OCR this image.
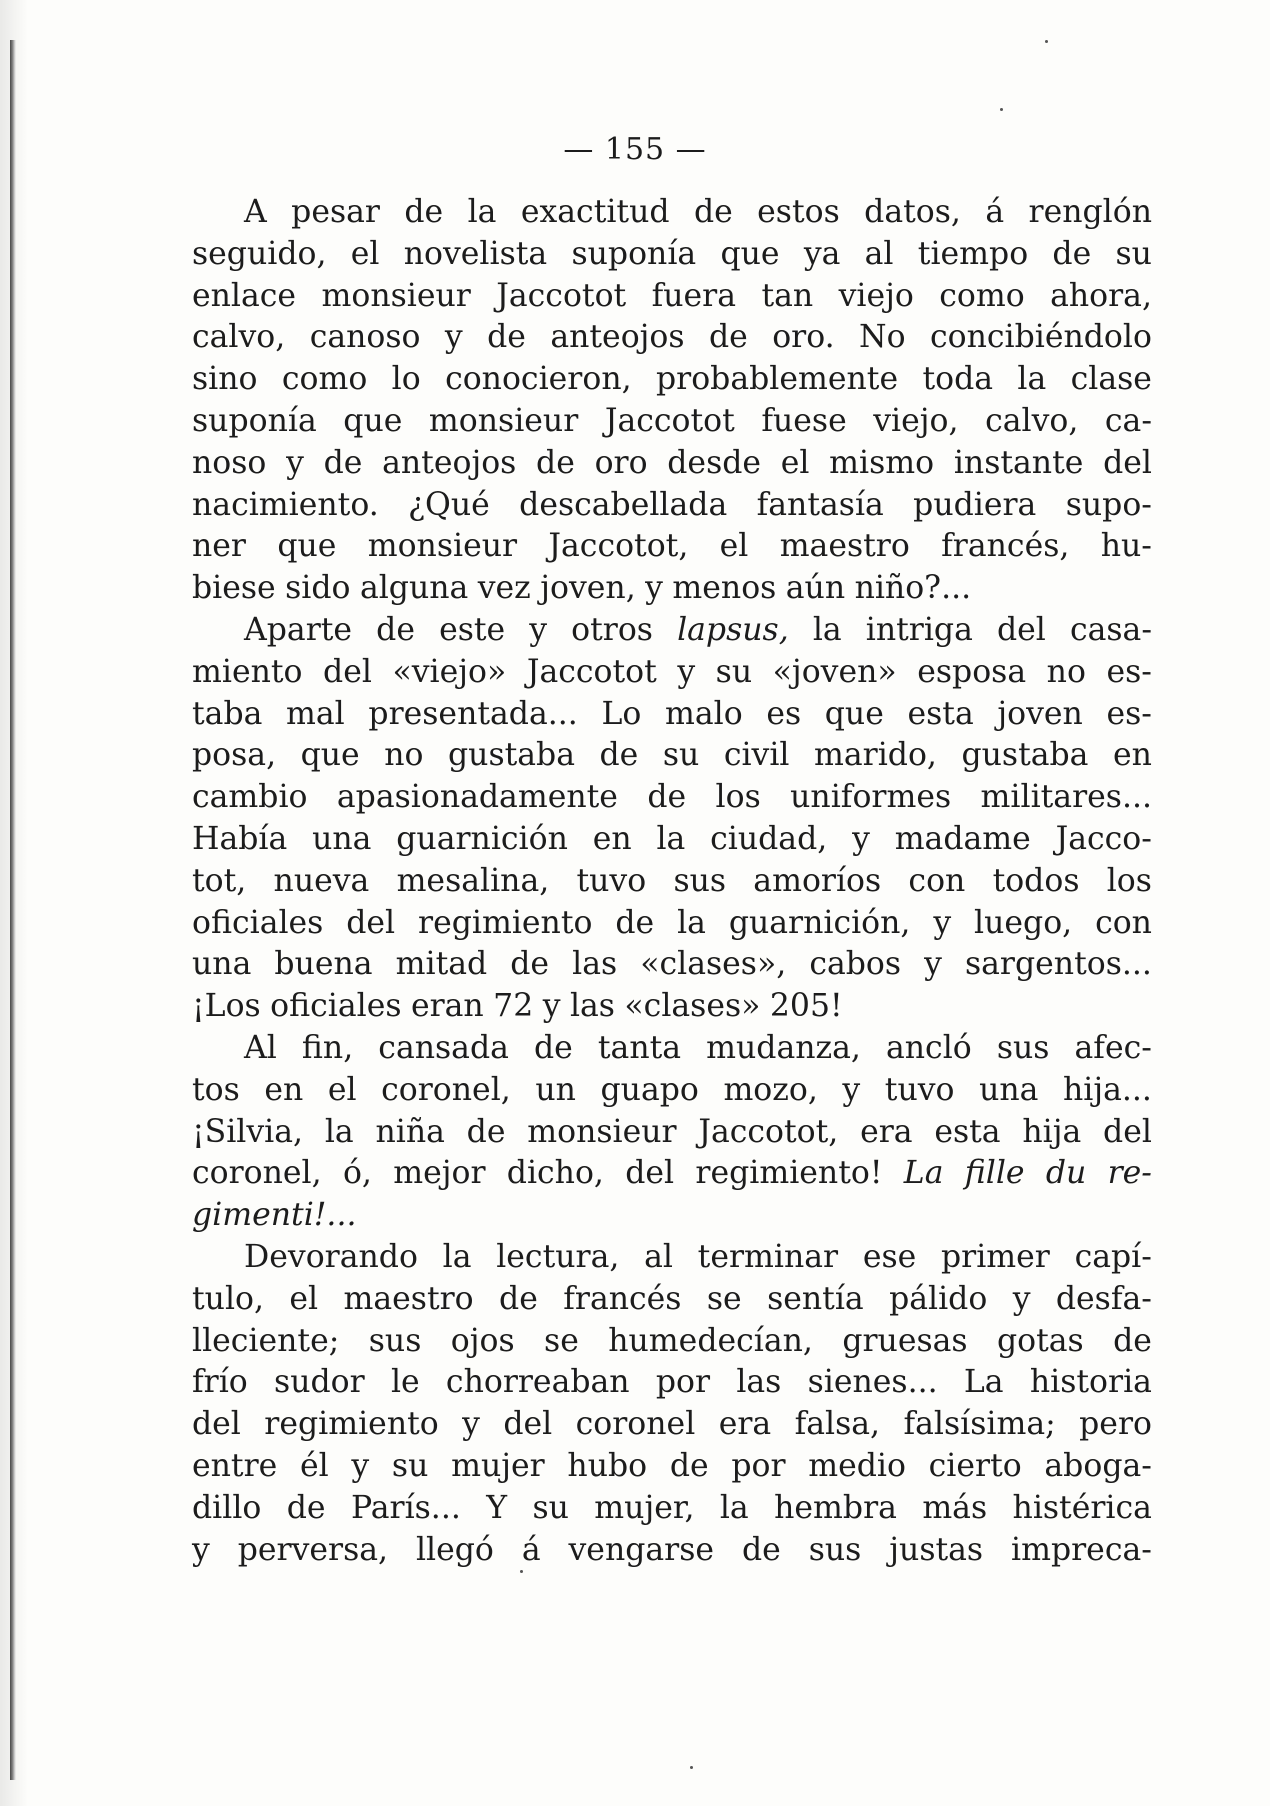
— 155 —
A pesar de la exactitud de estos datos, á renglón
seguido, el novelista suponía que ya al tiempo de su
enlace monsieur Jaccotot fuera tan viejo como ahora,
calvo, canoso y de anteojos de oro. No concibiéndolo
sino como lo conocieron, probablemente toda la clase
suponía que monsieur Jaccotot fuese viejo, calvo, ca-
noso y de anteojos de oro desde el mismo instante del
nacimiento. ¿Qué descabellada fantasía pudiera supo-
ner que monsieur Jaccotot, el maestro francés, hu-
biese sido alguna vez joven, y menos aún niño?...
Aparte de este y otros lapsus, la intriga del casa-
miento del «viejo» Jaccotot y su «joven» esposa no es-
taba mal presentada... Lo malo es que esta joven es-
posa, que no gustaba de su civil marido, gustaba en
cambio apasionadamente de los uniformes militares...
Había una guarnición en la ciudad, y madame Jacco-
tot, nueva mesalina, tuvo sus amoríos con todos los
oficiales del regimiento de la guarnición, y luego, con
una buena mitad de las «clases», cabos y sargentos...
¡Los oficiales eran 72 y las «clases» 205!
Al fin, cansada de tanta mudanza, ancló sus afec-
tos en el coronel, un guapo mozo, y tuvo una hija...
¡Silvia, la niña de monsieur Jaccotot, era esta hija del
coronel, ó, mejor dicho, del regimiento! La fille du re-
gimenti!...
Devorando la lectura, al terminar ese primer capí-
tulo, el maestro de francés se sentía pálido y desfa-
lleciente; sus ojos se humedecían, gruesas gotas de
frío sudor le chorreaban por las sienes... La historia
del regimiento y del coronel era falsa, falsísima; pero
entre él y su mujer hubo de por medio cierto aboga-
dillo de París... Y su mujer, la hembra más histérica
y perversa, llegó á vengarse de sus justas impreca-
